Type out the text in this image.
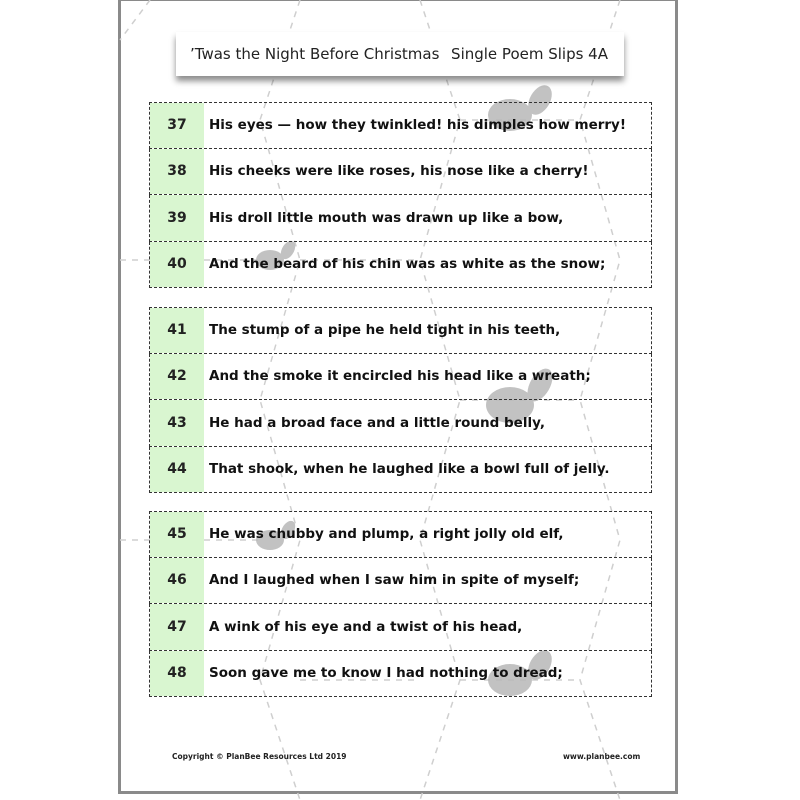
’Twas the Night Before Christmas Single Poem Slips 4A
37	His eyes — how they twinkled! his dimples how merry!
38	His cheeks were like roses, his nose like a cherry!
39	His droll little mouth was drawn up like a bow,
40	And the beard of his chin was as white as the snow;
41	The stump of a pipe he held tight in his teeth,
42	And the smoke it encircled his head like a wreath;
43	He had a broad face and a little round belly,
44	That shook, when he laughed like a bowl full of jelly.
45	He was chubby and plump, a right jolly old elf,
46	And I laughed when I saw him in spite of myself;
47	A wink of his eye and a twist of his head,
48	Soon gave me to know I had nothing to dread;
Copyright © PlanBee Resources Ltd 2019	www.planbee.com
